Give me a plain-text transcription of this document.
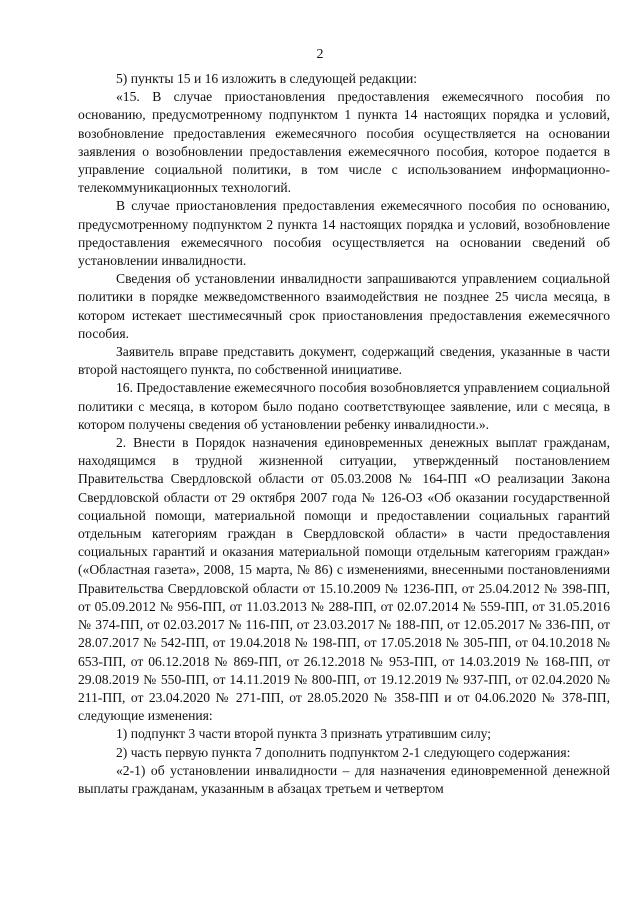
2

5) пункты 15 и 16 изложить в следующей редакции:

«15. В случае приостановления предоставления ежемесячного пособия по основанию, предусмотренному подпунктом 1 пункта 14 настоящих порядка и условий, возобновление предоставления ежемесячного пособия осуществляется на основании заявления о возобновлении предоставления ежемесячного пособия, которое подается в управление социальной политики, в том числе с использованием информационно-телекоммуникационных технологий.

В случае приостановления предоставления ежемесячного пособия по основанию, предусмотренному подпунктом 2 пункта 14 настоящих порядка и условий, возобновление предоставления ежемесячного пособия осуществляется на основании сведений об установлении инвалидности.

Сведения об установлении инвалидности запрашиваются управлением социальной политики в порядке межведомственного взаимодействия не позднее 25 числа месяца, в котором истекает шестимесячный срок приостановления предоставления ежемесячного пособия.

Заявитель вправе представить документ, содержащий сведения, указанные в части второй настоящего пункта, по собственной инициативе.

16. Предоставление ежемесячного пособия возобновляется управлением социальной политики с месяца, в котором было подано соответствующее заявление, или с месяца, в котором получены сведения об установлении ребенку инвалидности.».

2. Внести в Порядок назначения единовременных денежных выплат гражданам, находящимся в трудной жизненной ситуации, утвержденный постановлением Правительства Свердловской области от 05.03.2008 № 164-ПП «О реализации Закона Свердловской области от 29 октября 2007 года № 126-ОЗ «Об оказании государственной социальной помощи, материальной помощи и предоставлении социальных гарантий отдельным категориям граждан в Свердловской области» в части предоставления социальных гарантий и оказания материальной помощи отдельным категориям граждан» («Областная газета», 2008, 15 марта, № 86) с изменениями, внесенными постановлениями Правительства Свердловской области от 15.10.2009 № 1236-ПП, от 25.04.2012 № 398-ПП, от 05.09.2012 № 956-ПП, от 11.03.2013 № 288-ПП, от 02.07.2014 № 559-ПП, от 31.05.2016 № 374-ПП, от 02.03.2017 № 116-ПП, от 23.03.2017 № 188-ПП, от 12.05.2017 № 336-ПП, от 28.07.2017 № 542-ПП, от 19.04.2018 № 198-ПП, от 17.05.2018 № 305-ПП, от 04.10.2018 № 653-ПП, от 06.12.2018 № 869-ПП, от 26.12.2018 № 953-ПП, от 14.03.2019 № 168-ПП, от 29.08.2019 № 550-ПП, от 14.11.2019 № 800-ПП, от 19.12.2019 № 937-ПП, от 02.04.2020 № 211-ПП, от 23.04.2020 № 271-ПП, от 28.05.2020 № 358-ПП и от 04.06.2020 № 378-ПП, следующие изменения:

1) подпункт 3 части второй пункта 3 признать утратившим силу;

2) часть первую пункта 7 дополнить подпунктом 2-1 следующего содержания:

«2-1) об установлении инвалидности – для назначения единовременной денежной выплаты гражданам, указанным в абзацах третьем и четвертом
